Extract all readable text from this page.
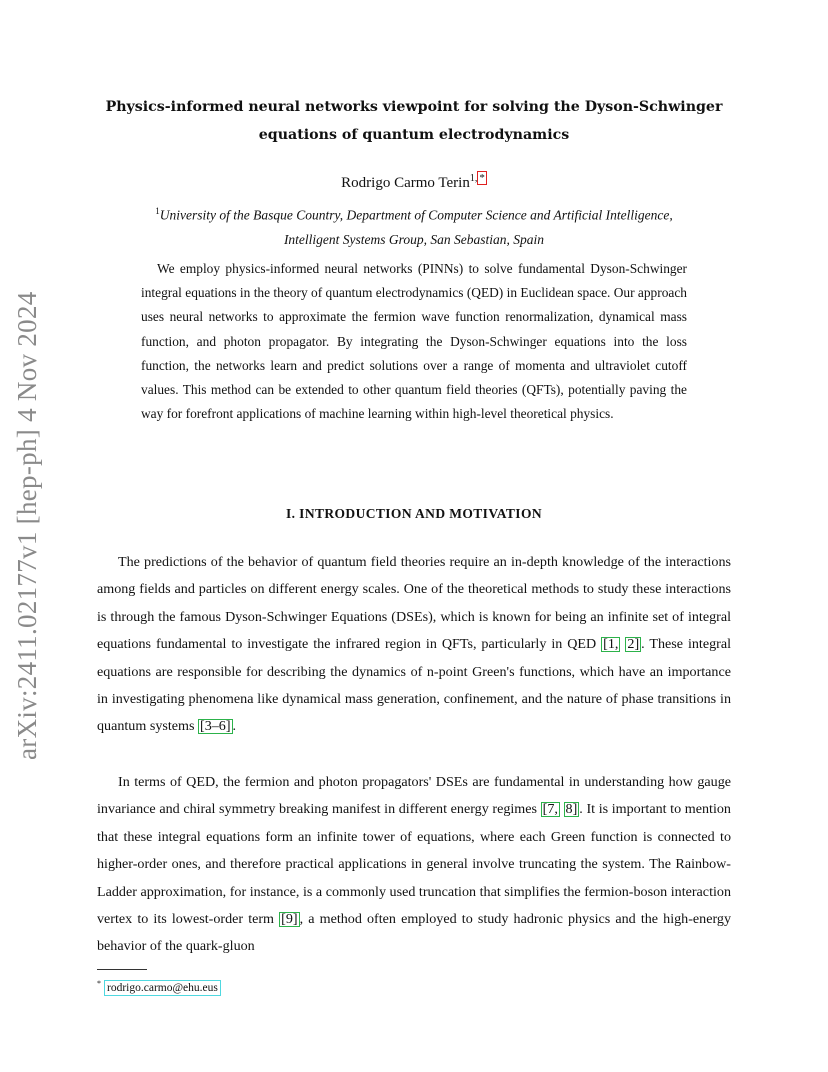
arXiv:2411.02177v1 [hep-ph] 4 Nov 2024
Physics-informed neural networks viewpoint for solving the Dyson-Schwinger
equations of quantum electrodynamics
Rodrigo Carmo Terin$^{1,}$ *
$^1$University of the Basque Country, Department of Computer Science and Artificial Intelligence,
Intelligent Systems Group, San Sebastian, Spain

We employ physics-informed neural networks (PINNs) to solve fundamental Dyson-Schwinger integral equations in the theory of quantum electrodynamics (QED) in Euclidean space. Our approach uses neural networks to approximate the fermion wave function renormalization, dynamical mass function, and photon propagator. By integrating the Dyson-Schwinger equations into the loss function, the networks learn and predict solutions over a range of momenta and ultraviolet cutoff values. This method can be extended to other quantum field theories (QFTs), potentially paving the way for forefront applications of machine learning within high-level theoretical physics.

I. INTRODUCTION AND MOTIVATION

The predictions of the behavior of quantum field theories require an in-depth knowledge of the interactions among fields and particles on different energy scales. One of the theoretical methods to study these interactions is through the famous Dyson-Schwinger Equations (DSEs), which is known for being an infinite set of integral equations fundamental to investigate the infrared region in QFTs, particularly in QED [1, 2] . These integral equations are responsible for describing the dynamics of n-point Green's functions, which have an importance in investigating phenomena like dynamical mass generation, confinement, and the nature of phase transitions in quantum systems [3–6] .

In terms of QED, the fermion and photon propagators' DSEs are fundamental in understanding how gauge invariance and chiral symmetry breaking manifest in different energy regimes [7, 8] . It is important to mention that these integral equations form an infinite tower of equations, where each Green function is connected to higher-order ones, and therefore practical applications in general involve truncating the system. The Rainbow-Ladder approximation, for instance, is a commonly used truncation that simplifies the fermion-boson interaction vertex to its lowest-order term [9] , a method often employed to study hadronic physics and the high-energy behavior of the quark-gluon

* rodrigo.carmo@ehu.eus
